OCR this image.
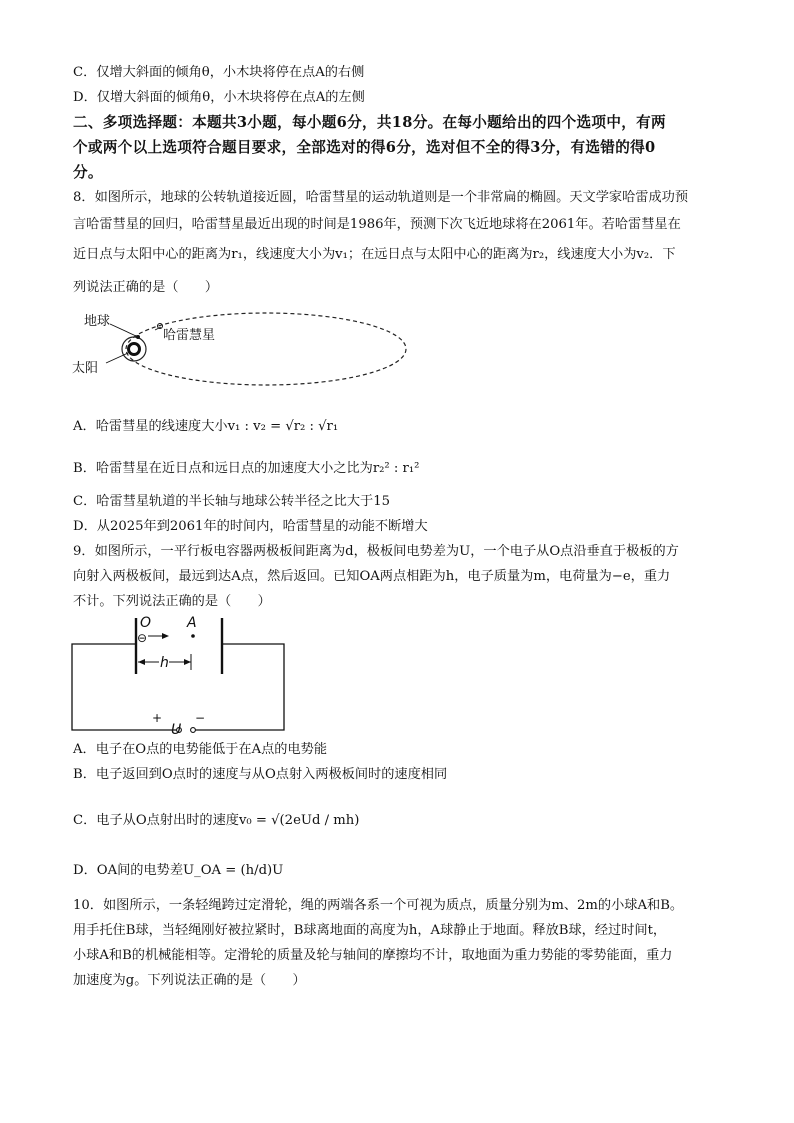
C．仅增大斜面的倾角θ，小木块将停在点A的右侧
D．仅增大斜面的倾角θ，小木块将停在点A的左侧
二、多项选择题：本题共3小题，每小题6分，共18分。在每小题给出的四个选项中，有两
个或两个以上选项符合题目要求，全部选对的得6分，选对但不全的得3分，有选错的得0
分。
8．如图所示，地球的公转轨道接近圆，哈雷彗星的运动轨道则是一个非常扁的椭圆。天文学家哈雷成功预
言哈雷彗星的回归，哈雷彗星最近出现的时间是1986年，预测下次飞近地球将在2061年。若哈雷彗星在
近日点与太阳中心的距离为r₁，线速度大小为v₁；在远日点与太阳中心的距离为r₂，线速度大小为v₂．下
列说法正确的是（　　）
地球
哈雷慧星
太阳
A．哈雷彗星的线速度大小v₁ : v₂ = √r₂ : √r₁
B．哈雷彗星在近日点和远日点的加速度大小之比为r₂² : r₁²
C．哈雷彗星轨道的半长轴与地球公转半径之比大于15
D．从2025年到2061年的时间内，哈雷彗星的动能不断增大
9．如图所示，一平行板电容器两极板间距离为d，极板间电势差为U，一个电子从O点沿垂直于极板的方
向射入两极板间，最远到达A点，然后返回。已知OA两点相距为h，电子质量为m，电荷量为−e，重力
不计。下列说法正确的是（　　）
⊖
O	A
h
+
U
−
A．电子在O点的电势能低于在A点的电势能
B．电子返回到O点时的速度与从O点射入两极板间时的速度相同
C．电子从O点射出时的速度v₀ = √(2eUd / mh)
D．OA间的电势差U_OA = (h/d)U
10．如图所示，一条轻绳跨过定滑轮，绳的两端各系一个可视为质点，质量分别为m、2m的小球A和B。
用手托住B球，当轻绳刚好被拉紧时，B球离地面的高度为h，A球静止于地面。释放B球，经过时间t，
小球A和B的机械能相等。定滑轮的质量及轮与轴间的摩擦均不计，取地面为重力势能的零势能面，重力
加速度为g。下列说法正确的是（　　）
